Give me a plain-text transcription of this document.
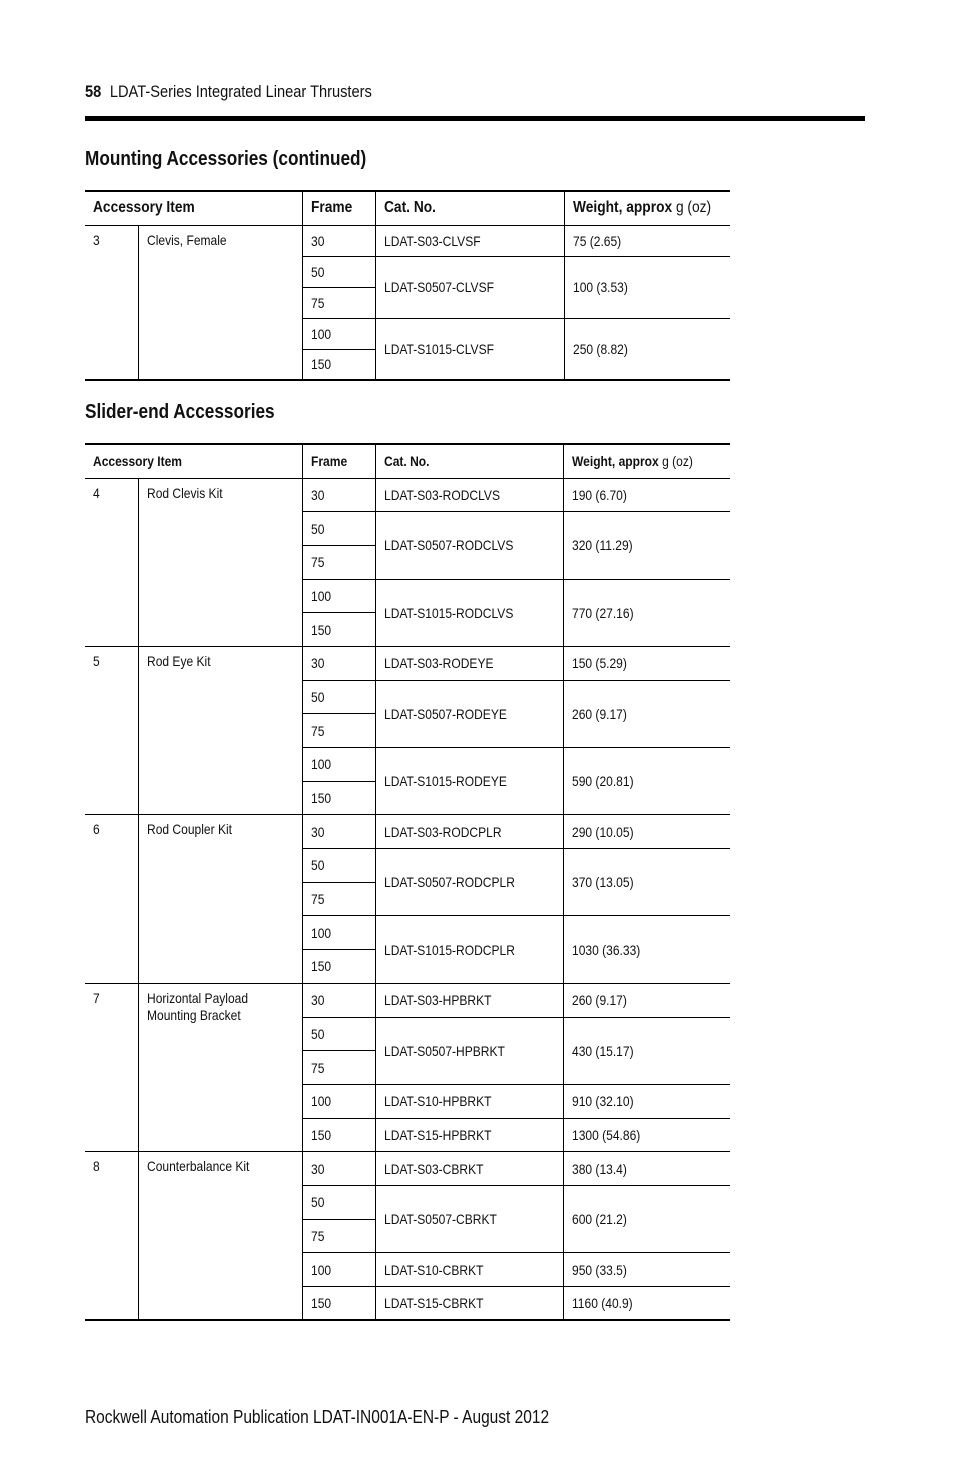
58 LDAT-Series Integrated Linear Thrusters
Mounting Accessories (continued)
Accessory Item		Frame	Cat. No.	Weight, approx g (oz)
3	Clevis, Female	30	LDAT-S03-CLVSF	75 (2.65)
		50	LDAT-S0507-CLVSF	100 (3.53)
		75		
		100	LDAT-S1015-CLVSF	250 (8.82)
		150		
Slider-end Accessories
Accessory Item		Frame	Cat. No.	Weight, approx g (oz)
4	Rod Clevis Kit	30	LDAT-S03-RODCLVS	190 (6.70)
		50	LDAT-S0507-RODCLVS	320 (11.29)
		75		
		100	LDAT-S1015-RODCLVS	770 (27.16)
		150		
5	Rod Eye Kit	30	LDAT-S03-RODEYE	150 (5.29)
		50	LDAT-S0507-RODEYE	260 (9.17)
		75		
		100	LDAT-S1015-RODEYE	590 (20.81)
		150		
6	Rod Coupler Kit	30	LDAT-S03-RODCPLR	290 (10.05)
		50	LDAT-S0507-RODCPLR	370 (13.05)
		75		
		100	LDAT-S1015-RODCPLR	1030 (36.33)
		150		
7	Horizontal Payload Mounting Bracket	30	LDAT-S03-HPBRKT	260 (9.17)
		50	LDAT-S0507-HPBRKT	430 (15.17)
		75		
		100	LDAT-S10-HPBRKT	910 (32.10)
		150	LDAT-S15-HPBRKT	1300 (54.86)
8	Counterbalance Kit	30	LDAT-S03-CBRKT	380 (13.4)
		50	LDAT-S0507-CBRKT	600 (21.2)
		75		
		100	LDAT-S10-CBRKT	950 (33.5)
		150	LDAT-S15-CBRKT	1160 (40.9)
Rockwell Automation Publication LDAT-IN001A-EN-P - August 2012
